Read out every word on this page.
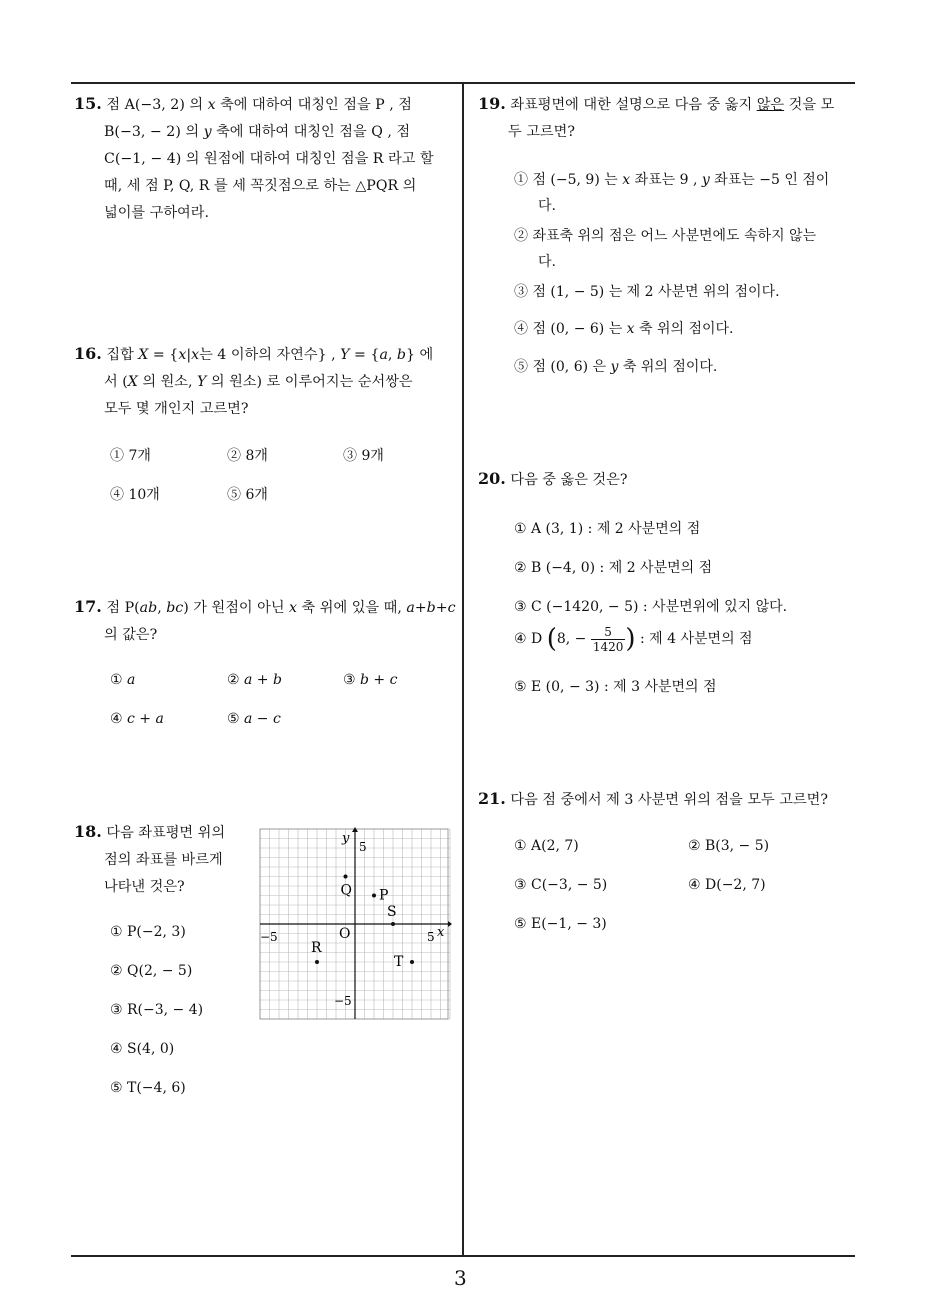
3
15. 점 A(−3, 2) 의 𝑥 축에 대하여 대칭인 점을 P , 점
B(−3, − 2) 의 𝑦 축에 대하여 대칭인 점을 Q , 점
C(−1, − 4) 의 원점에 대하여 대칭인 점을 R 라고 할
때, 세 점 P, Q, R 를 세 꼭짓점으로 하는 △PQR 의
넓이를 구하여라.
16. 집합 𝑋 = {𝑥|𝑥는 4 이하의 자연수} , 𝑌 = {𝑎, 𝑏} 에
서 (𝑋 의 원소, 𝑌 의 원소) 로 이루어지는 순서쌍은
모두 몇 개인지 고르면?
① 7개	② 8개	③ 9개
④ 10개	⑤ 6개
17. 점 P(𝑎𝑏, 𝑏𝑐) 가 원점이 아닌 𝑥 축 위에 있을 때, 𝑎+𝑏+𝑐
의 값은?
① 𝑎	② 𝑎 + 𝑏	③ 𝑏 + 𝑐
④ 𝑐 + 𝑎	⑤ 𝑎 − 𝑐
18. 다음 좌표평면 위의
점의 좌표를 바르게
나타낸 것은?
① P(−2, 3)
② Q(2, − 5)
③ R(−3, − 4)
④ S(4, 0)
⑤ T(−4, 6)
𝑦
𝑥
O
−5	5
5
−5
Q P
S
R
T
19. 좌표평면에 대한 설명으로 다음 중 옳지 않은 것을 모
두 고르면?
① 점 (−5, 9) 는 𝑥 좌표는 9 , 𝑦 좌표는 −5 인 점이
다.
② 좌표축 위의 점은 어느 사분면에도 속하지 않는
다.
③ 점 (1, − 5) 는 제 2 사분면 위의 점이다.
④ 점 (0, − 6) 는 𝑥 축 위의 점이다.
⑤ 점 (0, 6) 은 𝑦 축 위의 점이다.
20. 다음 중 옳은 것은?
① A (3, 1) : 제 2 사분면의 점
② B (−4, 0) : 제 2 사분면의 점
③ C (−1420, − 5) : 사분면위에 있지 않다.
④ D (8, − $\frac{5}{1420}$ ) : 제 4 사분면의 점
⑤ E (0, − 3) : 제 3 사분면의 점
21. 다음 점 중에서 제 3 사분면 위의 점을 모두 고르면?
① A(2, 7)	② B(3, − 5)
③ C(−3, − 5)	④ D(−2, 7)
⑤ E(−1, − 3)
